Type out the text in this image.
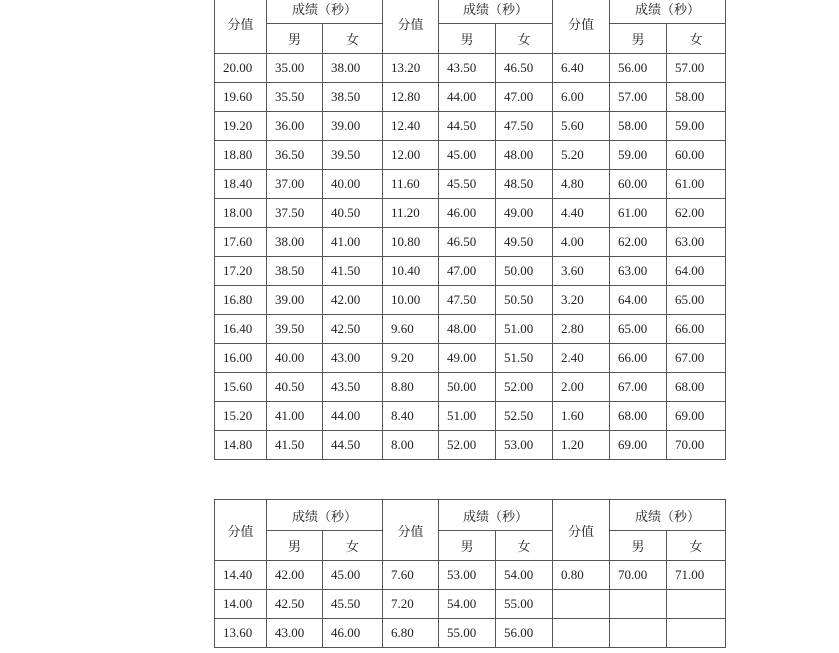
分值	成绩（秒）		分值	成绩（秒）		分值	成绩（秒）	
	男	女		男	女		男	女
20.00	35.00	38.00	13.20	43.50	46.50	6.40	56.00	57.00
19.60	35.50	38.50	12.80	44.00	47.00	6.00	57.00	58.00
19.20	36.00	39.00	12.40	44.50	47.50	5.60	58.00	59.00
18.80	36.50	39.50	12.00	45.00	48.00	5.20	59.00	60.00
18.40	37.00	40.00	11.60	45.50	48.50	4.80	60.00	61.00
18.00	37.50	40.50	11.20	46.00	49.00	4.40	61.00	62.00
17.60	38.00	41.00	10.80	46.50	49.50	4.00	62.00	63.00
17.20	38.50	41.50	10.40	47.00	50.00	3.60	63.00	64.00
16.80	39.00	42.00	10.00	47.50	50.50	3.20	64.00	65.00
16.40	39.50	42.50	9.60	48.00	51.00	2.80	65.00	66.00
16.00	40.00	43.00	9.20	49.00	51.50	2.40	66.00	67.00
15.60	40.50	43.50	8.80	50.00	52.00	2.00	67.00	68.00
15.20	41.00	44.00	8.40	51.00	52.50	1.60	68.00	69.00
14.80	41.50	44.50	8.00	52.00	53.00	1.20	69.00	70.00
分值	成绩（秒）		分值	成绩（秒）		分值	成绩（秒）	
	男	女		男	女		男	女
14.40	42.00	45.00	7.60	53.00	54.00	0.80	70.00	71.00
14.00	42.50	45.50	7.20	54.00	55.00			
13.60	43.00	46.00	6.80	55.00	56.00			
